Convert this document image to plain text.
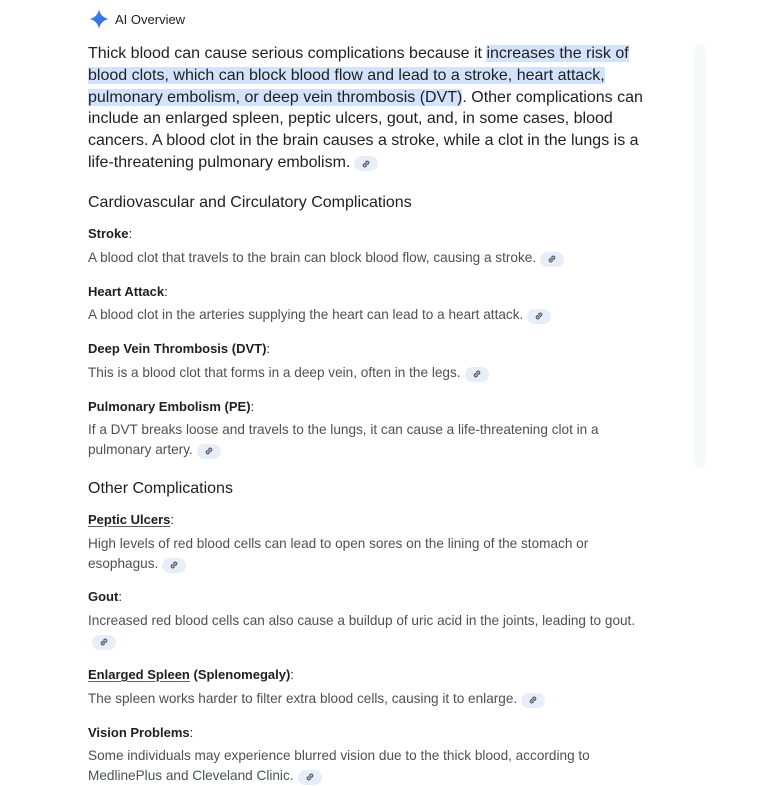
AI Overview

Thick blood can cause serious complications because it increases the risk of blood clots, which can block blood flow and lead to a stroke, heart attack, pulmonary embolism, or deep vein thrombosis (DVT). Other complications can include an enlarged spleen, peptic ulcers, gout, and, in some cases, blood cancers. A blood clot in the brain causes a stroke, while a clot in the lungs is a life-threatening pulmonary embolism.

Cardiovascular and Circulatory Complications
Stroke:
A blood clot that travels to the brain can block blood flow, causing a stroke.
Heart Attack:
A blood clot in the arteries supplying the heart can lead to a heart attack.
Deep Vein Thrombosis (DVT):
This is a blood clot that forms in a deep vein, often in the legs.
Pulmonary Embolism (PE):
If a DVT breaks loose and travels to the lungs, it can cause a life-threatening clot in a pulmonary artery.
Other Complications
Peptic Ulcers:
High levels of red blood cells can lead to open sores on the lining of the stomach or esophagus.
Gout:
Increased red blood cells can also cause a buildup of uric acid in the joints, leading to gout.
Enlarged Spleen (Splenomegaly):
The spleen works harder to filter extra blood cells, causing it to enlarge.
Vision Problems:
Some individuals may experience blurred vision due to the thick blood, according to MedlinePlus and Cleveland Clinic.
